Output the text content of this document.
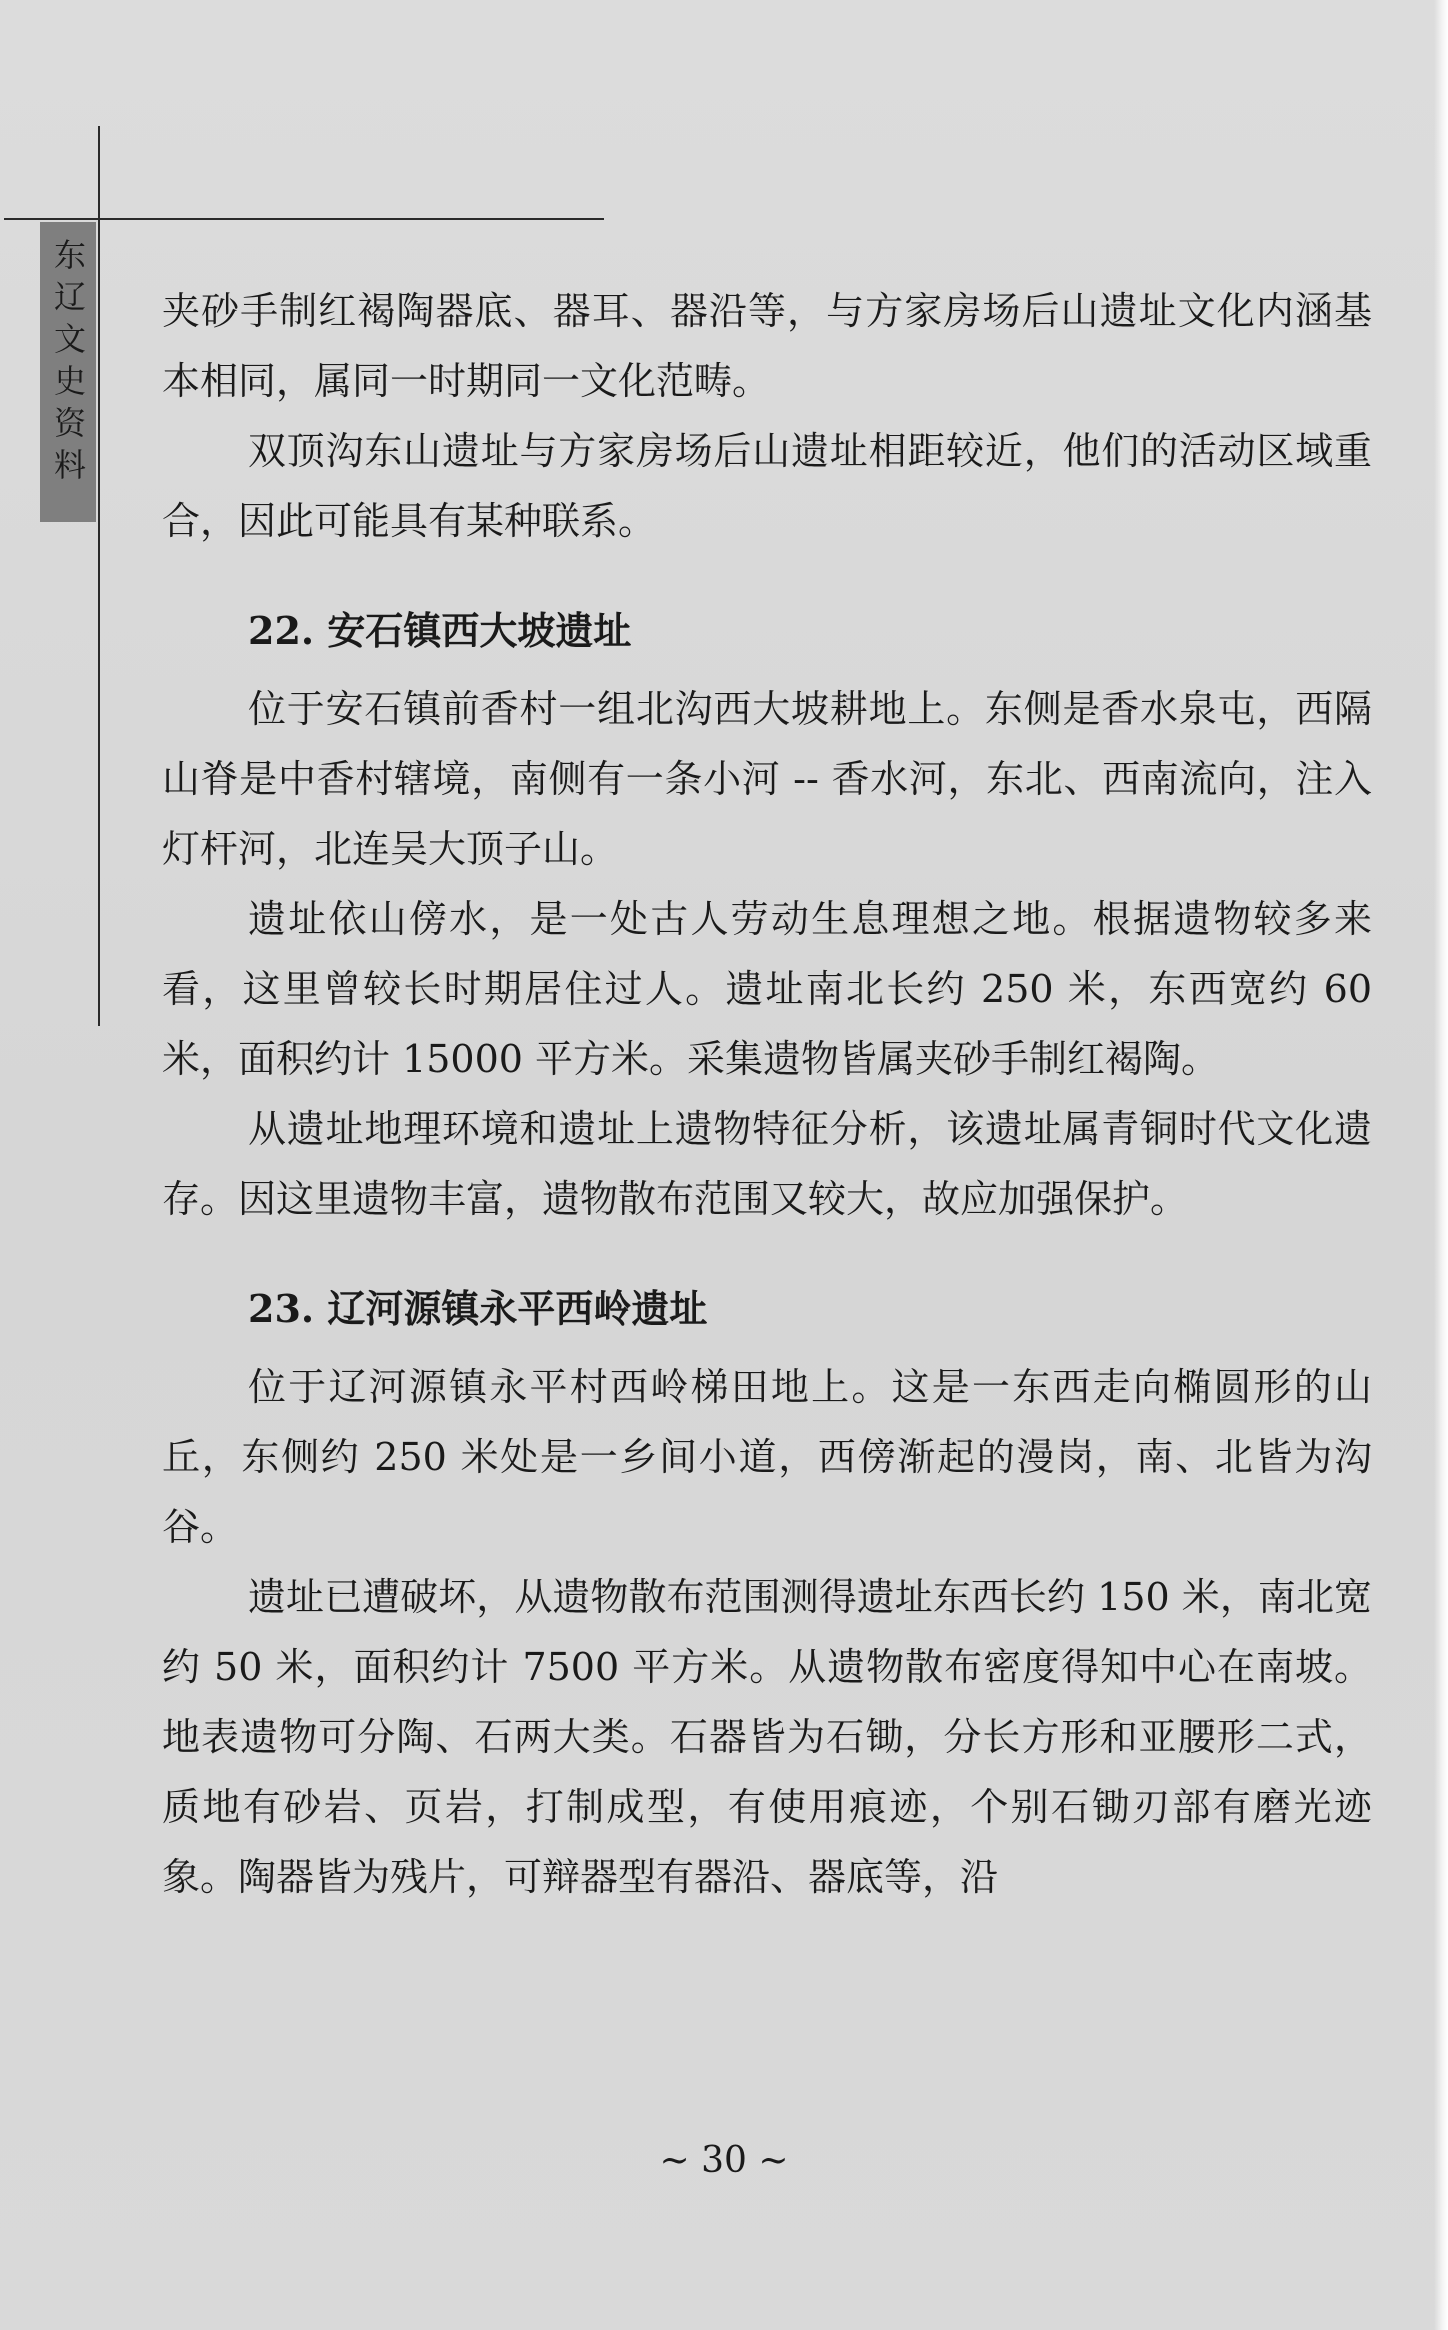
东辽文史资料 夹砂手制红褐陶器底、器耳、器沿等，与方家房场后山遗址文化内涵基本相同，属同一时期同一文化范畴。

双顶沟东山遗址与方家房场后山遗址相距较近，他们的活动区域重合，因此可能具有某种联系。

22. 安石镇西大坡遗址

位于安石镇前香村一组北沟西大坡耕地上。东侧是香水泉屯，西隔山脊是中香村辖境，南侧有一条小河 -- 香水河，东北、西南流向，注入灯杆河，北连吴大顶子山。

遗址依山傍水，是一处古人劳动生息理想之地。根据遗物较多来看，这里曾较长时期居住过人。遗址南北长约 250 米，东西宽约 60 米，面积约计 15000 平方米。采集遗物皆属夹砂手制红褐陶。

从遗址地理环境和遗址上遗物特征分析，该遗址属青铜时代文化遗存。因这里遗物丰富，遗物散布范围又较大，故应加强保护。

23. 辽河源镇永平西岭遗址

位于辽河源镇永平村西岭梯田地上。这是一东西走向椭圆形的山丘，东侧约 250 米处是一乡间小道，西傍渐起的漫岗，南、北皆为沟谷。

遗址已遭破坏，从遗物散布范围测得遗址东西长约 150 米，南北宽约 50 米，面积约计 7500 平方米。从遗物散布密度得知中心在南坡。地表遗物可分陶、石两大类。石器皆为石锄，分长方形和亚腰形二式，质地有砂岩、页岩，打制成型，有使用痕迹，个别石锄刃部有磨光迹象。陶器皆为残片，可辩器型有器沿、器底等，沿

~ 30 ~
